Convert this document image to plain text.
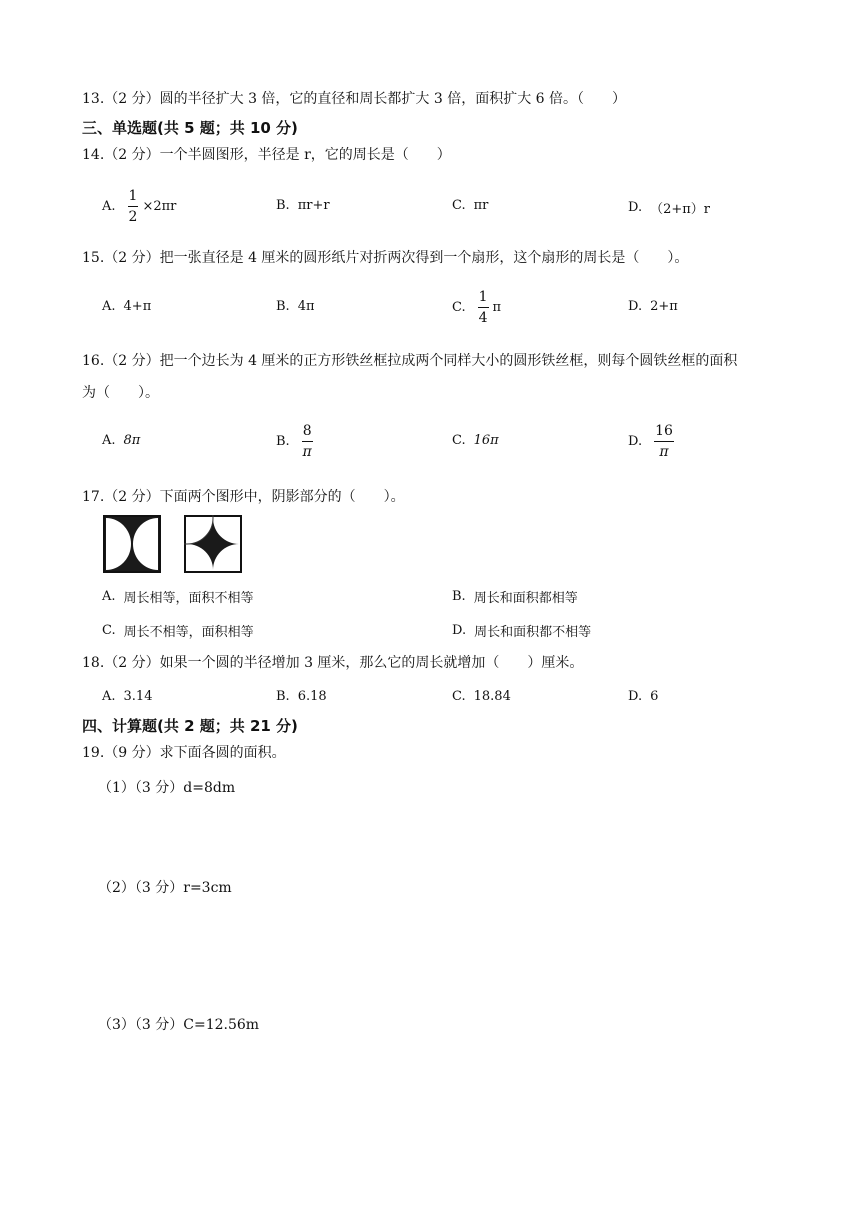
13.（2 分）圆的半径扩大 3 倍，它的直径和周长都扩大 3 倍，面积扩大 6 倍。（　　）
三、单选题(共 5 题；共 10 分)
14.（2 分）一个半圆图形，半径是 r，它的周长是（　　）
A. $\frac{1}{2} \times 2\pi r$	B. πr+r	C. πr	D. （2+π）r
15.（2 分）把一张直径是 4 厘米的圆形纸片对折两次得到一个扇形，这个扇形的周长是（　　）。
A. 4+π	B. 4π	C. $\frac{1}{4}$ π	D. 2+π
16.（2 分）把一个边长为 4 厘米的正方形铁丝框拉成两个同样大小的圆形铁丝框，则每个圆铁丝框的面积
为（　　）。
A. 8π	B. $\frac{8}{\pi}$	C. 16π	D. $\frac{16}{\pi}$
17.（2 分）下面两个图形中，阴影部分的（　　）。
A. 周长相等，面积不相等	B. 周长和面积都相等
C. 周长不相等，面积相等	D. 周长和面积都不相等
18.（2 分）如果一个圆的半径增加 3 厘米，那么它的周长就增加（　　）厘米。
A. 3.14	B. 6.18	C. 18.84	D. 6
四、计算题(共 2 题；共 21 分)
19.（9 分）求下面各圆的面积。
（1）（3 分）d=8dm
（2）（3 分）r=3cm
（3）（3 分）C=12.56m
